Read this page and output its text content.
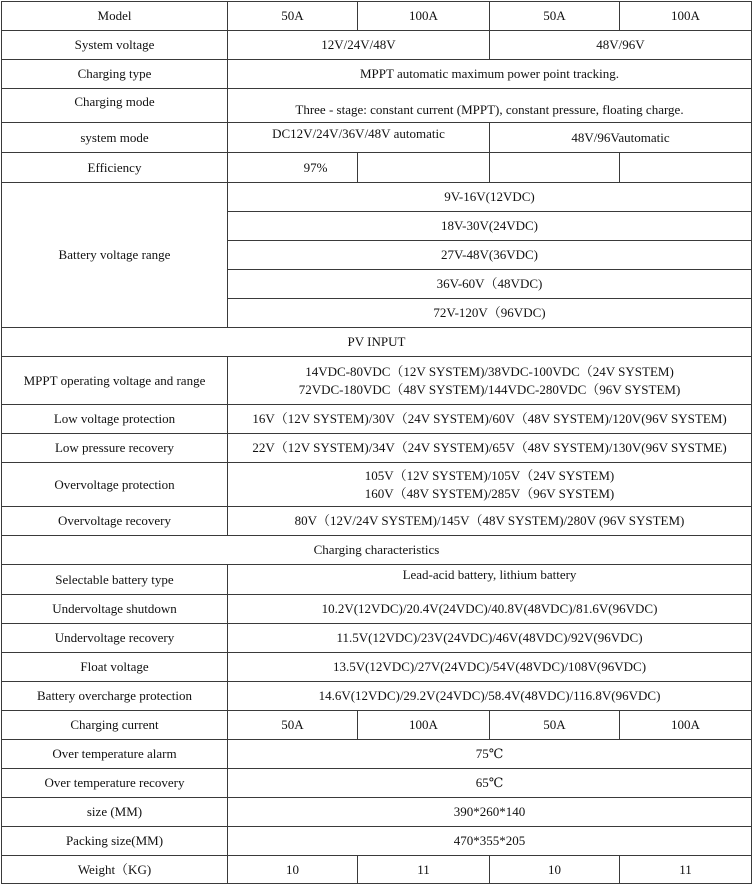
Model	50A	100A	50A	100A
System voltage	12V/24V/48V		48V/96V	
Charging type	MPPT automatic maximum power point tracking.			
Charging mode	Three - stage: constant current (MPPT), constant pressure, floating charge.			
system mode	DC12V/24V/36V/48V automatic		48V/96Vautomatic	
Efficiency	97%			
Battery voltage range	9V-16V(12VDC)			
	18V-30V(24VDC)			
	27V-48V(36VDC)			
	36V-60V（48VDC)			
	72V-120V（96VDC)			
PV INPUT				
MPPT operating voltage and range	14VDC-80VDC（12V SYSTEM)/38VDC-100VDC（24V SYSTEM)
72VDC-180VDC（48V SYSTEM)/144VDC-280VDC（96V SYSTEM)			

Low voltage protection	16V（12V SYSTEM)/30V（24V SYSTEM)/60V（48V SYSTEM)/120V(96V SYSTEM)			
Low pressure recovery	22V（12V SYSTEM)/34V（24V SYSTEM)/65V（48V SYSTEM)/130V(96V SYSTME)			
Overvoltage protection	105V（12V SYSTEM)/105V（24V SYSTEM)
160V（48V SYSTEM)/285V（96V SYSTEM)			

Overvoltage recovery	80V（12V/24V SYSTEM)/145V（48V SYSTEM)/280V (96V SYSTEM)			
Charging characteristics				
Selectable battery type	Lead-acid battery, lithium battery			
Undervoltage shutdown	10.2V(12VDC)/20.4V(24VDC)/40.8V(48VDC)/81.6V(96VDC)			
Undervoltage recovery	11.5V(12VDC)/23V(24VDC)/46V(48VDC)/92V(96VDC)			
Float voltage	13.5V(12VDC)/27V(24VDC)/54V(48VDC)/108V(96VDC)			
Battery overcharge protection	14.6V(12VDC)/29.2V(24VDC)/58.4V(48VDC)/116.8V(96VDC)			
Charging current	50A	100A	50A	100A
Over temperature alarm	75℃			
Over temperature recovery	65℃			
size (MM)	390*260*140			
Packing size(MM)	470*355*205			
Weight（KG)	10	11	10	11
